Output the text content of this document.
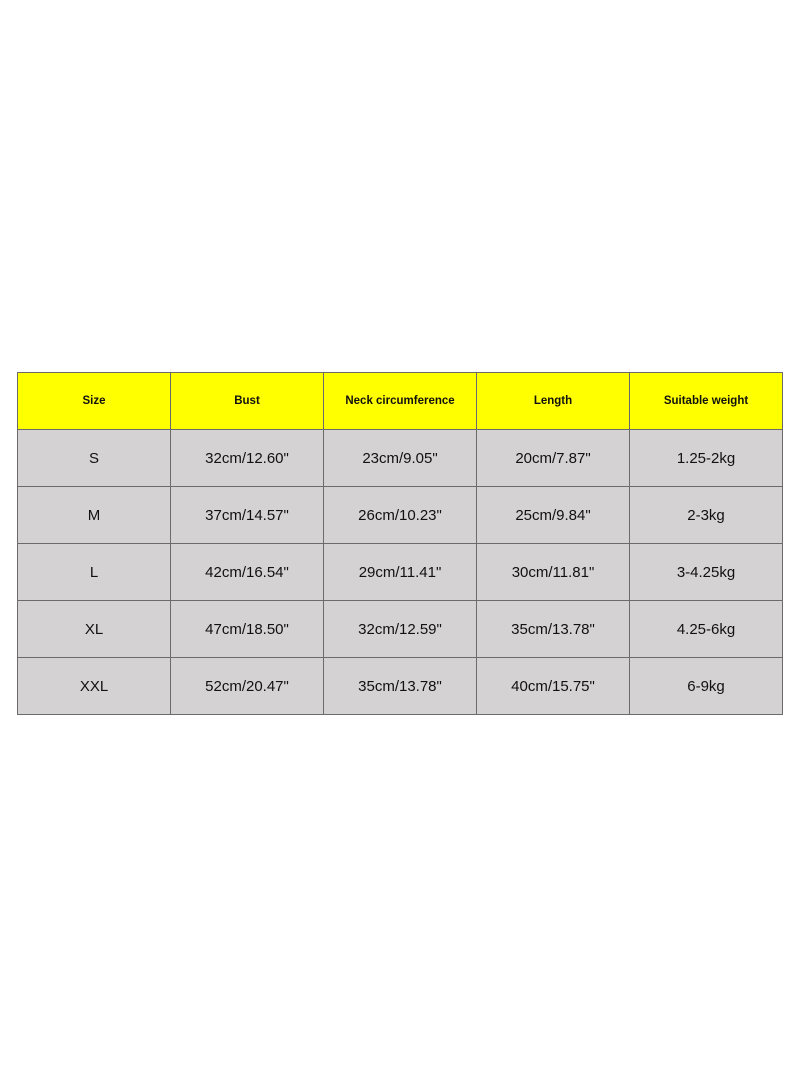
Size	Bust	Neck circumference	Length	Suitable weight
S	32cm/12.60"	23cm/9.05"	20cm/7.87"	1.25-2kg
M	37cm/14.57"	26cm/10.23"	25cm/9.84"	2-3kg
L	42cm/16.54"	29cm/11.41"	30cm/11.81"	3-4.25kg
XL	47cm/18.50"	32cm/12.59"	35cm/13.78"	4.25-6kg
XXL	52cm/20.47"	35cm/13.78"	40cm/15.75"	6-9kg
